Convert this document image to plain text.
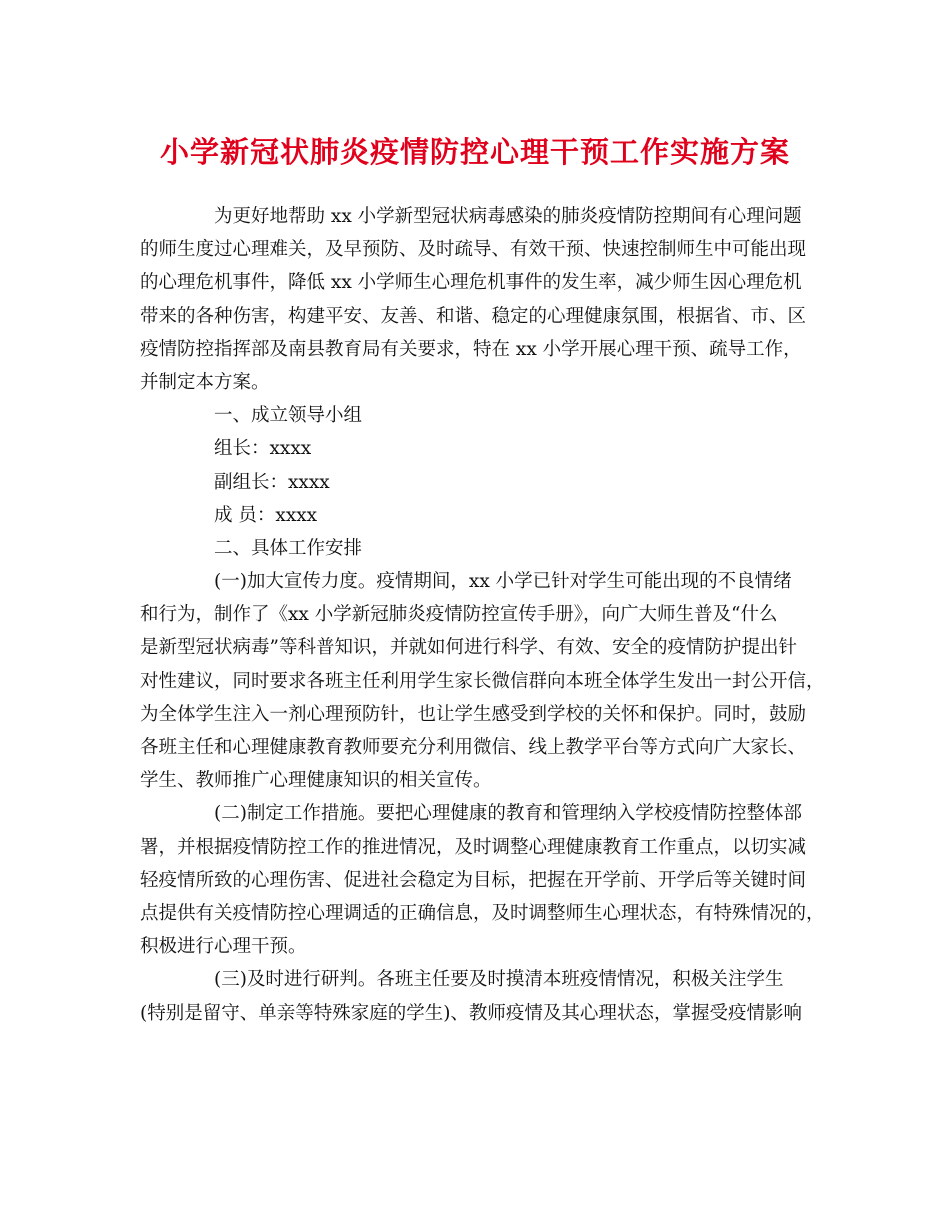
小学新冠状肺炎疫情防控心理干预工作实施方案
为更好地帮助 xx 小学新型冠状病毒感染的肺炎疫情防控期间有心理问题
的师生度过心理难关，及早预防、及时疏导、有效干预、快速控制师生中可能出现
的心理危机事件，降低 xx 小学师生心理危机事件的发生率，减少师生因心理危机
带来的各种伤害，构建平安、友善、和谐、稳定的心理健康氛围，根据省、市、区
疫情防控指挥部及南县教育局有关要求，特在 xx 小学开展心理干预、疏导工作，
并制定本方案。
一、成立领导小组
组长：xxxx
副组长：xxxx
成 员：xxxx
二、具体工作安排
(一)加大宣传力度。疫情期间，xx 小学已针对学生可能出现的不良情绪
和行为，制作了《xx 小学新冠肺炎疫情防控宣传手册》，向广大师生普及“什么
是新型冠状病毒”等科普知识，并就如何进行科学、有效、安全的疫情防护提出针
对性建议，同时要求各班主任利用学生家长微信群向本班全体学生发出一封公开信，
为全体学生注入一剂心理预防针，也让学生感受到学校的关怀和保护。同时，鼓励
各班主任和心理健康教育教师要充分利用微信、线上教学平台等方式向广大家长、
学生、教师推广心理健康知识的相关宣传。
(二)制定工作措施。要把心理健康的教育和管理纳入学校疫情防控整体部
署，并根据疫情防控工作的推进情况，及时调整心理健康教育工作重点，以切实减
轻疫情所致的心理伤害、促进社会稳定为目标，把握在开学前、开学后等关键时间
点提供有关疫情防控心理调适的正确信息，及时调整师生心理状态，有特殊情况的，
积极进行心理干预。
(三)及时进行研判。各班主任要及时摸清本班疫情情况，积极关注学生
(特别是留守、单亲等特殊家庭的学生)、教师疫情及其心理状态，掌握受疫情影响
